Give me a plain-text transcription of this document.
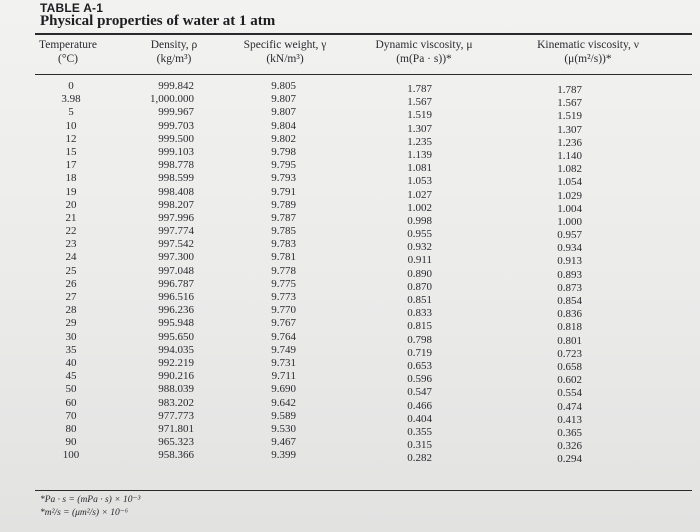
TABLE A-1
Physical properties of water at 1 atm
Temperature
(°C)
Density, ρ
(kg/m³)
Specific weight, γ
(kN/m³)
Dynamic viscosity, μ
(m(Pa · s))*
Kinematic viscosity, ν
(μ(m²/s))*
0
3.98
5
10
12
15
17
18
19
20
21
22
23
24
25
26
27
28
29
30
35
40
45
50
60
70
80
90
100
999.842
1,000.000
999.967
999.703
999.500
999.103
998.778
998.599
998.408
998.207
997.996
997.774
997.542
997.300
997.048
996.787
996.516
996.236
995.948
995.650
994.035
992.219
990.216
988.039
983.202
977.773
971.801
965.323
958.366
9.805
9.807
9.807
9.804
9.802
9.798
9.795
9.793
9.791
9.789
9.787
9.785
9.783
9.781
9.778
9.775
9.773
9.770
9.767
9.764
9.749
9.731
9.711
9.690
9.642
9.589
9.530
9.467
9.399
1.787
1.567
1.519
1.307
1.235
1.139
1.081
1.053
1.027
1.002
0.998
0.955
0.932
0.911
0.890
0.870
0.851
0.833
0.815
0.798
0.719
0.653
0.596
0.547
0.466
0.404
0.355
0.315
0.282
1.787
1.567
1.519
1.307
1.236
1.140
1.082
1.054
1.029
1.004
1.000
0.957
0.934
0.913
0.893
0.873
0.854
0.836
0.818
0.801
0.723
0.658
0.602
0.554
0.474
0.413
0.365
0.326
0.294
*Pa · s = (mPa · s) × 10⁻³
*m²/s = (μm²/s) × 10⁻⁶
